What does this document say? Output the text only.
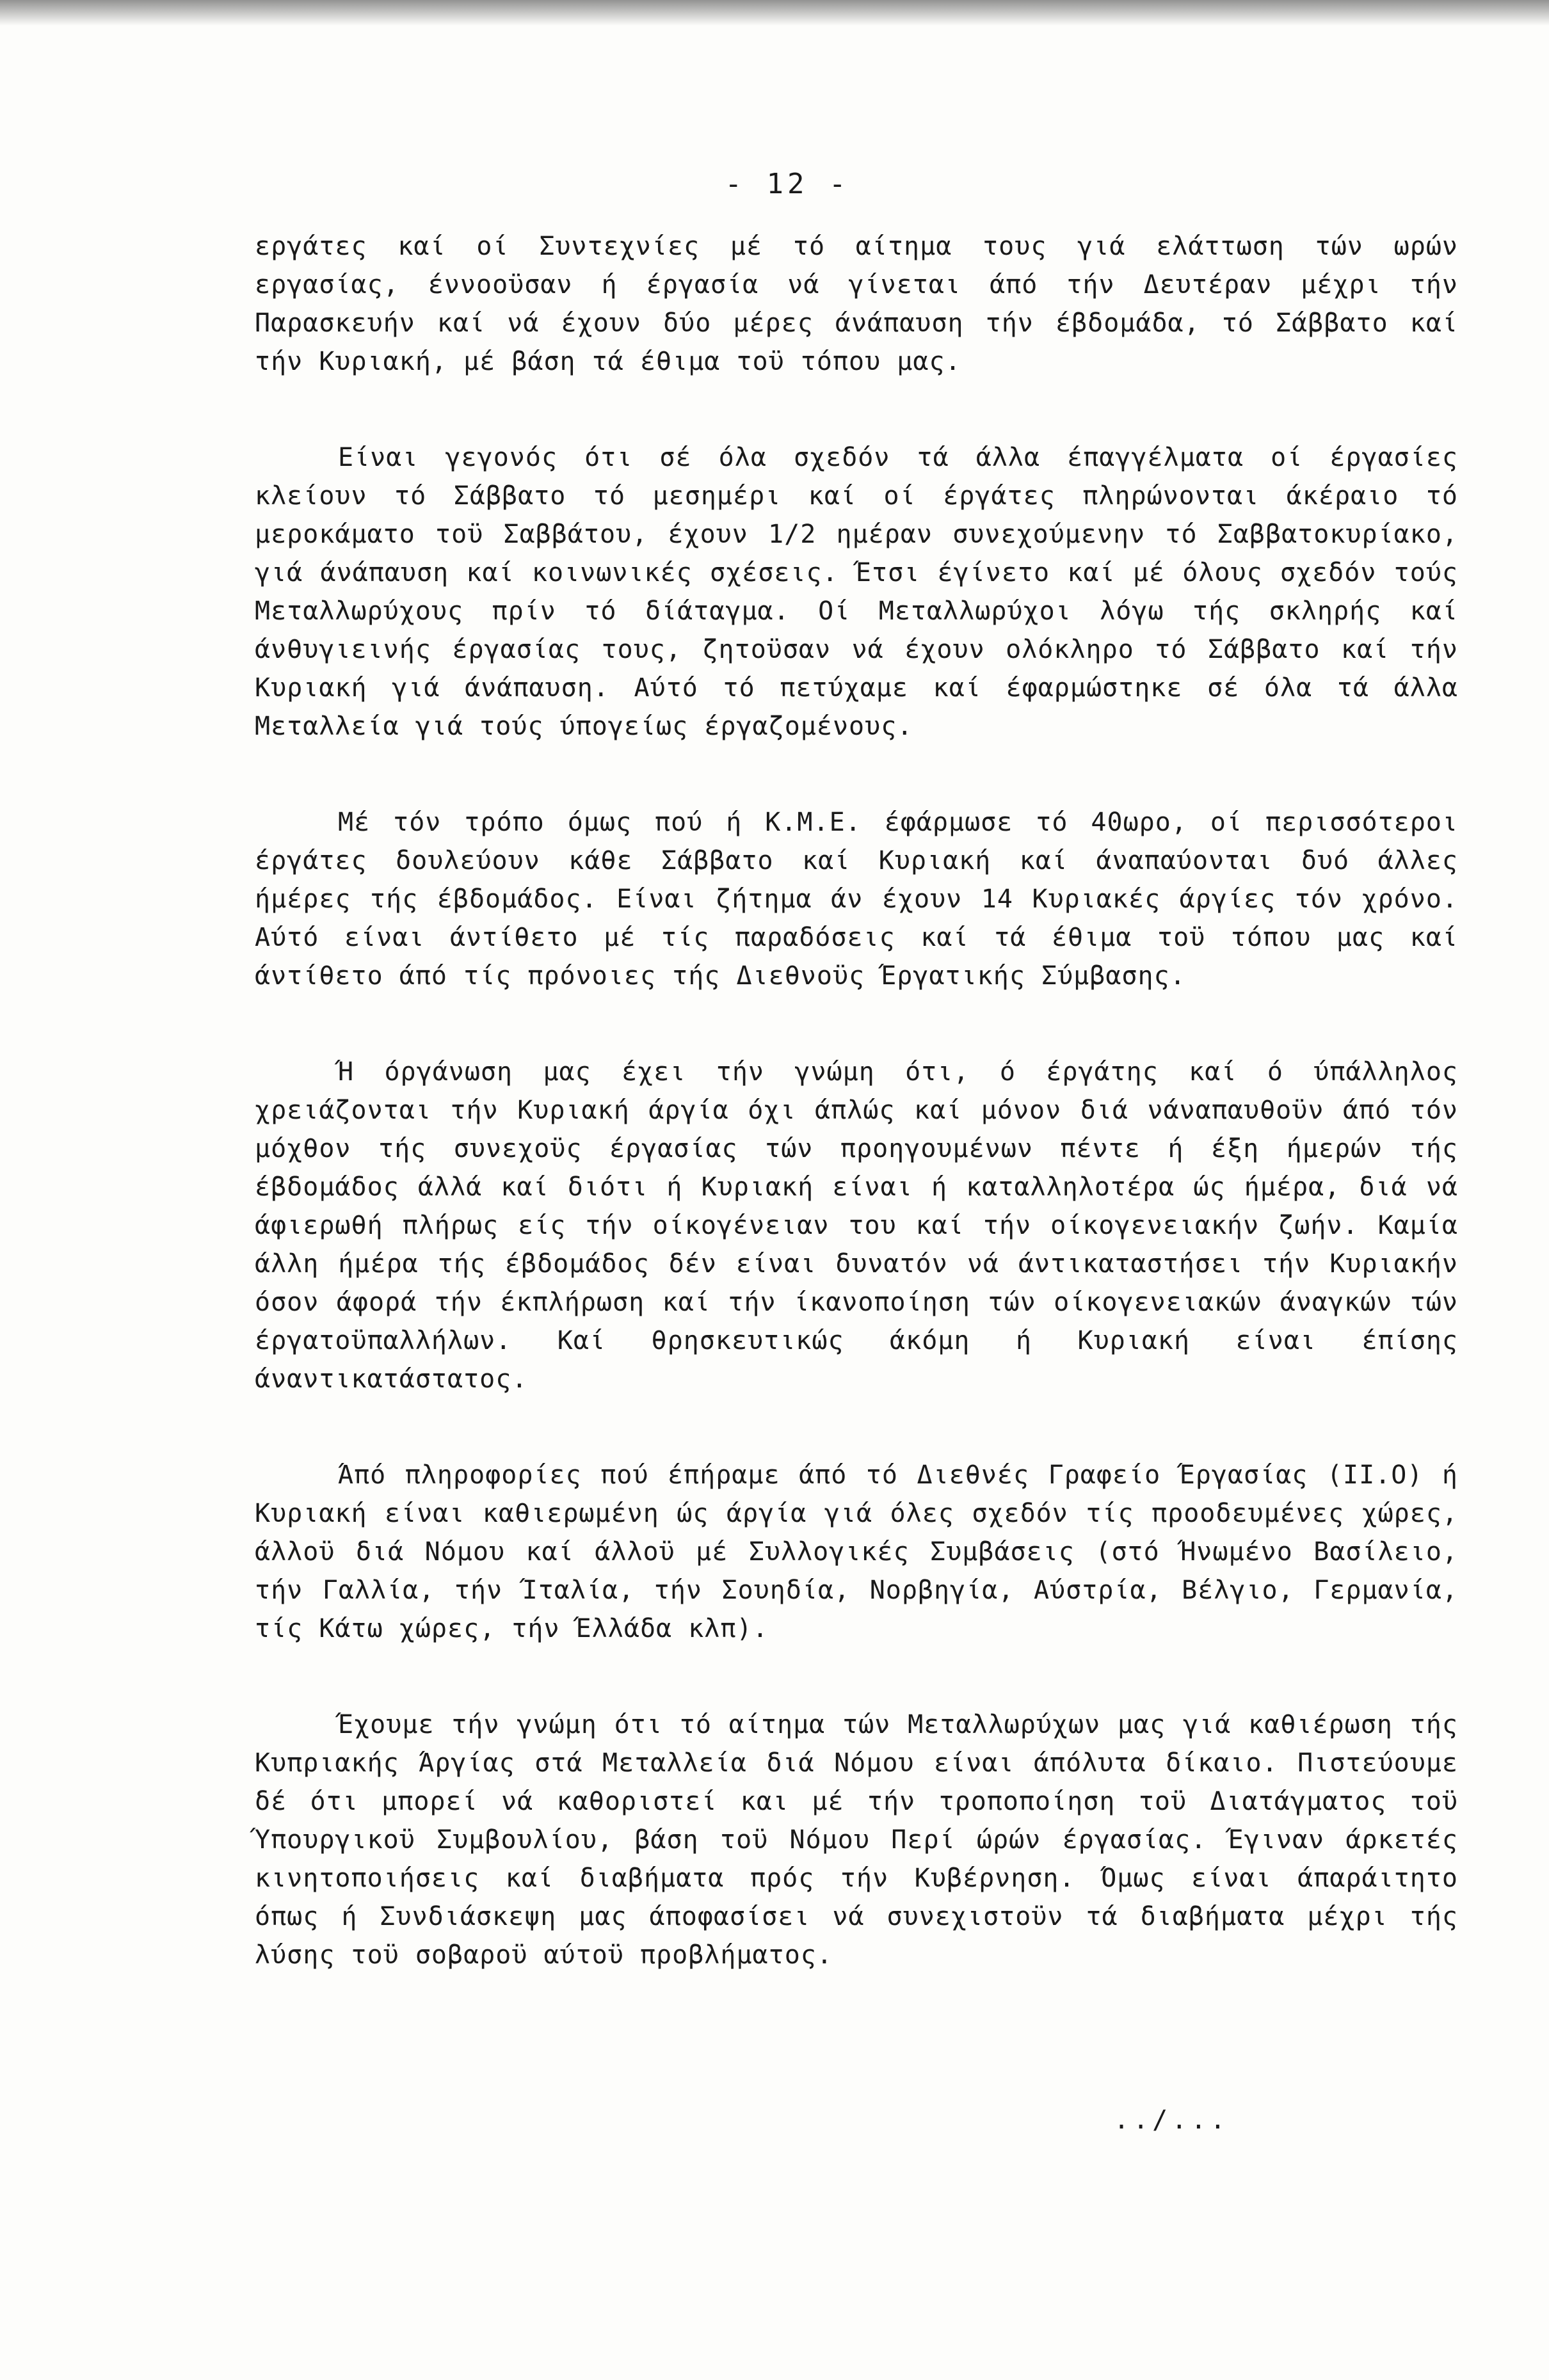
- 12 -

εργάτες καί οί Συντεχνίες μέ τό αίτημα τους γιά ελάττωση τών ωρών εργασίας, έννοοϋσαν ή έργασία νά γίνεται άπό τήν Δευτέραν μέχρι τήν Παρασκευήν καί νά έχουν δύο μέρες άνάπαυση τήν έβδομάδα, τό Σάββατο καί τήν Κυριακή, μέ βάση τά έθιμα τοϋ τόπου μας.

Είναι γεγονός ότι σέ όλα σχεδόν τά άλλα έπαγγέλματα οί έργασίες κλείουν τό Σάββατο τό μεσημέρι καί οί έργάτες πληρώνονται άκέραιο τό μεροκάματο τοϋ Σαββάτου, έχουν 1/2 ημέραν συνεχούμενην τό Σαββατοκυρίακο, γιά άνάπαυση καί κοινωνικές σχέσεις. Έτσι έγίνετο καί μέ όλους σχεδόν τούς Μεταλλωρύχους πρίν τό δίάταγμα. Οί Μεταλλωρύχοι λόγω τής σκληρής καί άνθυγιεινής έργασίας τους, ζητοϋσαν νά έχουν ολόκληρο τό Σάββατο καί τήν Κυριακή γιά άνάπαυση. Αύτό τό πετύχαμε καί έφαρμώστηκε σέ όλα τά άλλα Μεταλλεία γιά τούς ύπογείως έργαζομένους.

Μέ τόν τρόπο όμως πού ή Κ.Μ.Ε. έφάρμωσε τό 40ωρο, οί περισσότεροι έργάτες δουλεύουν κάθε Σάββατο καί Κυριακή καί άναπαύονται δυό άλλες ήμέρες τής έβδομάδος. Είναι ζήτημα άν έχουν 14 Κυριακές άργίες τόν χρόνο. Αύτό είναι άντίθετο μέ τίς παραδόσεις καί τά έθιμα τοϋ τόπου μας καί άντίθετο άπό τίς πρόνοιες τής Διεθνοϋς Έργατικής Σύμβασης.

Ή όργάνωση μας έχει τήν γνώμη ότι, ό έργάτης καί ό ύπάλληλος χρειάζονται τήν Κυριακή άργία όχι άπλώς καί μόνον διά νάναπαυθοϋν άπό τόν μόχθον τής συνεχοϋς έργασίας τών προηγουμένων πέντε ή έξη ήμερών τής έβδομάδος άλλά καί διότι ή Κυριακή είναι ή καταλληλοτέρα ώς ήμέρα, διά νά άφιερωθή πλήρως είς τήν οίκογένειαν του καί τήν οίκογενειακήν ζωήν. Καμία άλλη ήμέρα τής έβδομάδος δέν είναι δυνατόν νά άντικαταστήσει τήν Κυριακήν όσον άφορά τήν έκπλήρωση καί τήν ίκανοποίηση τών οίκογενειακών άναγκών τών έργατοϋπαλλήλων. Καί θρησκευτικώς άκόμη ή Κυριακή είναι έπίσης άναντικατάστατος.

Άπό πληροφορίες πού έπήραμε άπό τό Διεθνές Γραφείο Έργασίας (ΙΙ.Ο) ή Κυριακή είναι καθιερωμένη ώς άργία γιά όλες σχεδόν τίς προοδευμένες χώρες, άλλοϋ διά Νόμου καί άλλοϋ μέ Συλλογικές Συμβάσεις (στό Ήνωμένο Βασίλειο, τήν Γαλλία, τήν Ίταλία, τήν Σουηδία, Νορβηγία, Αύστρία, Βέλγιο, Γερμανία, τίς Κάτω χώρες, τήν Έλλάδα κλπ).

Έχουμε τήν γνώμη ότι τό αίτημα τών Μεταλλωρύχων μας γιά καθιέρωση τής Κυπριακής Άργίας στά Μεταλλεία διά Νόμου είναι άπόλυτα δίκαιο. Πιστεύουμε δέ ότι μπορεί νά καθοριστεί και μέ τήν τροποποίηση τοϋ Διατάγματος τοϋ Ύπουργικοϋ Συμβουλίου, βάση τοϋ Νόμου Περί ώρών έργασίας. Έγιναν άρκετές κινητοποιήσεις καί διαβήματα πρός τήν Κυβέρνηση. Όμως είναι άπαράιτητο όπως ή Συνδιάσκεψη μας άποφασίσει νά συνεχιστοϋν τά διαβήματα μέχρι τής λύσης τοϋ σοβαροϋ αύτοϋ προβλήματος.

../...
